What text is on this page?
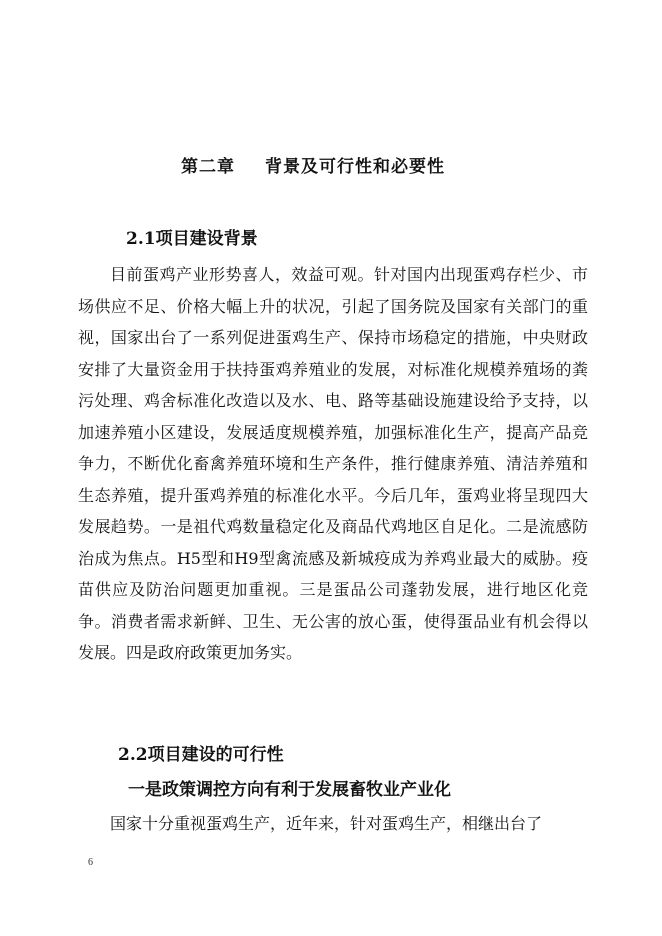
第二章 背景及可行性和必要性
2.1项目建设背景

目前蛋鸡产业形势喜人，效益可观。针对国内出现蛋鸡存栏少、市场供应不足、价格大幅上升的状况，引起了国务院及国家有关部门的重视，国家出台了一系列促进蛋鸡生产、保持市场稳定的措施，中央财政安排了大量资金用于扶持蛋鸡养殖业的发展，对标准化规模养殖场的粪污处理、鸡舍标准化改造以及水、电、路等基础设施建设给予支持，以加速养殖小区建设，发展适度规模养殖，加强标准化生产，提高产品竞争力，不断优化畜禽养殖环境和生产条件，推行健康养殖、清洁养殖和生态养殖，提升蛋鸡养殖的标准化水平。今后几年，蛋鸡业将呈现四大发展趋势。一是祖代鸡数量稳定化及商品代鸡地区自足化。二是流感防治成为焦点。H5型和H9型禽流感及新城疫成为养鸡业最大的威胁。疫苗供应及防治问题更加重视。三是蛋品公司蓬勃发展，进行地区化竞争。消费者需求新鲜、卫生、无公害的放心蛋，使得蛋品业有机会得以发展。四是政府政策更加务实。

2.2项目建设的可行性
一是政策调控方向有利于发展畜牧业产业化

国家十分重视蛋鸡生产，近年来，针对蛋鸡生产，相继出台了

6
